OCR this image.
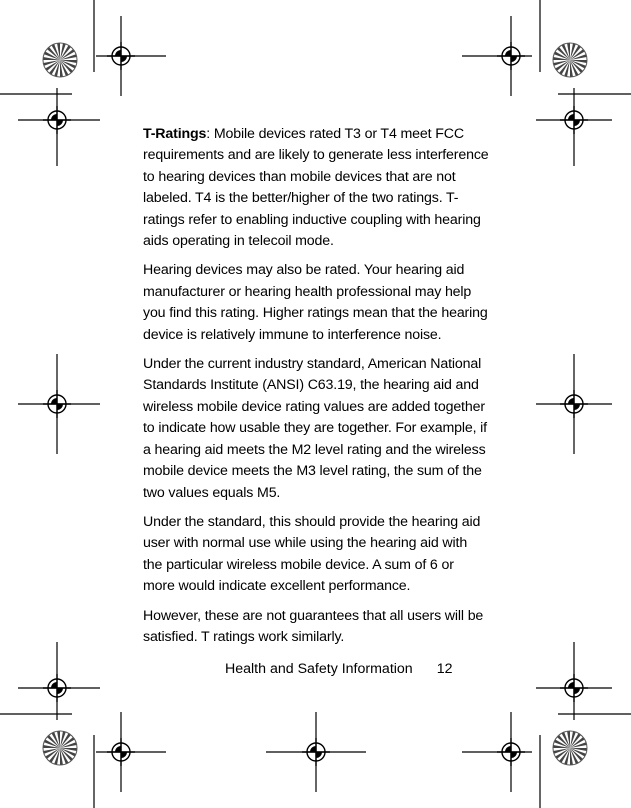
T-Ratings: Mobile devices rated T3 or T4 meet FCC requirements and are likely to generate less interference to hearing devices than mobile devices that are not labeled. T4 is the better/higher of the two ratings. T-ratings refer to enabling inductive coupling with hearing aids operating in telecoil mode.

Hearing devices may also be rated. Your hearing aid manufacturer or hearing health professional may help you find this rating. Higher ratings mean that the hearing device is relatively immune to interference noise.

Under the current industry standard, American National Standards Institute (ANSI) C63.19, the hearing aid and wireless mobile device rating values are added together to indicate how usable they are together. For example, if a hearing aid meets the M2 level rating and the wireless mobile device meets the M3 level rating, the sum of the two values equals M5.

Under the standard, this should provide the hearing aid user with normal use while using the hearing aid with the particular wireless mobile device. A sum of 6 or more would indicate excellent performance.

However, these are not guarantees that all users will be satisfied. T ratings work similarly.

Health and Safety Information 12
